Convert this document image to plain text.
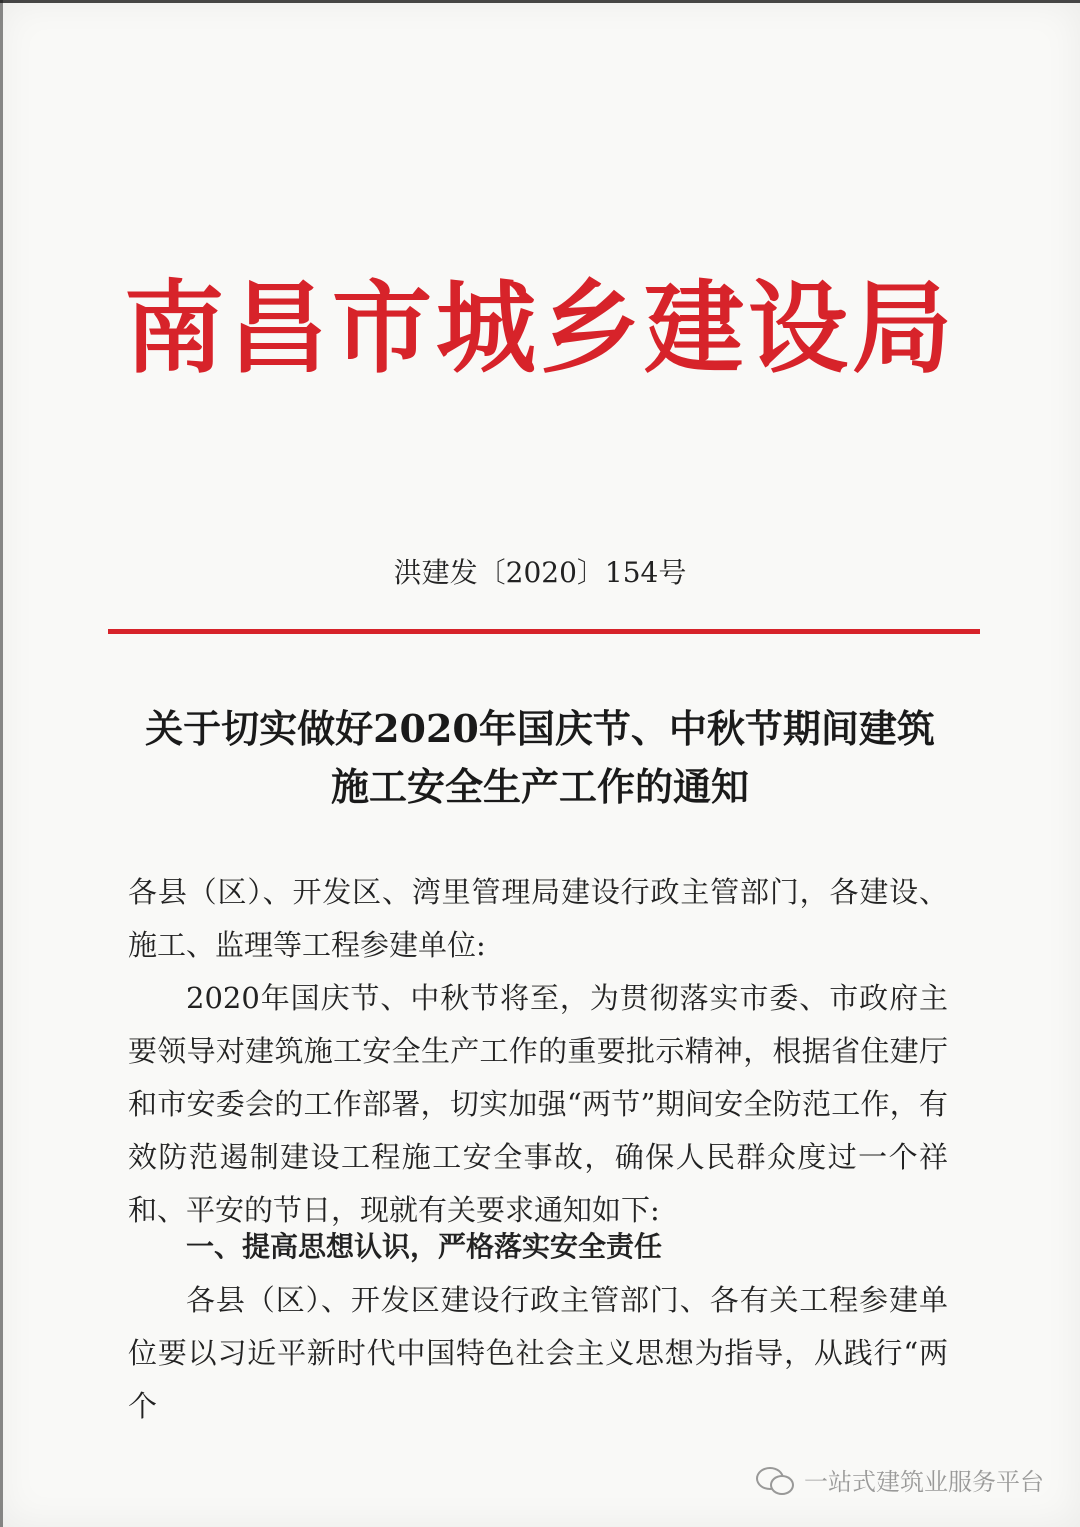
南昌市城乡建设局
洪建发〔2020〕154号
关于切实做好2020年国庆节、中秋节期间建筑
施工安全生产工作的通知
各县（区）、开发区、湾里管理局建设行政主管部门，各建设、施工、监理等工程参建单位:
2020年国庆节、中秋节将至，为贯彻落实市委、市政府主要领导对建筑施工安全生产工作的重要批示精神，根据省住建厅和市安委会的工作部署，切实加强“两节”期间安全防范工作，有效防范遏制建设工程施工安全事故，确保人民群众度过一个祥和、平安的节日，现就有关要求通知如下:
一、提高思想认识，严格落实安全责任
各县（区）、开发区建设行政主管部门、各有关工程参建单位要以习近平新时代中国特色社会主义思想为指导，从践行“两个
一站式建筑业服务平台
